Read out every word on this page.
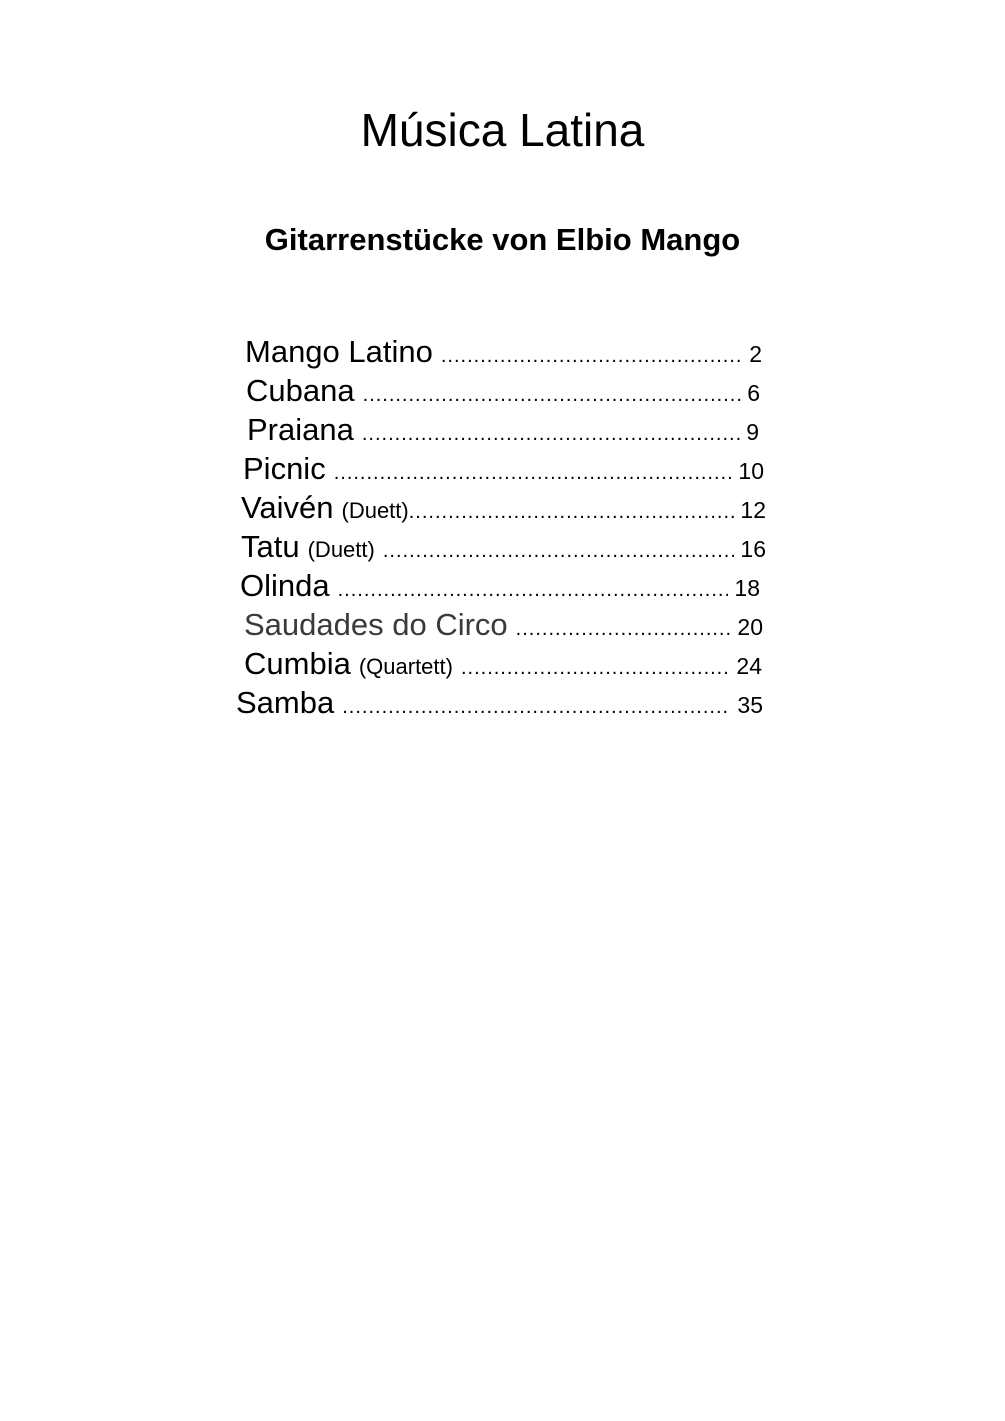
Música Latina
Gitarrenstücke von Elbio Mango
Mango Latino .....	2
Cubana .....	6
Praiana .....	9
Picnic .....	10
Vaivén (Duett) .....	12
Tatu (Duett) .....	16
Olinda .....	18
Saudades do Circo .....	20
Cumbia (Quartett) .....	24
Samba .....	35
